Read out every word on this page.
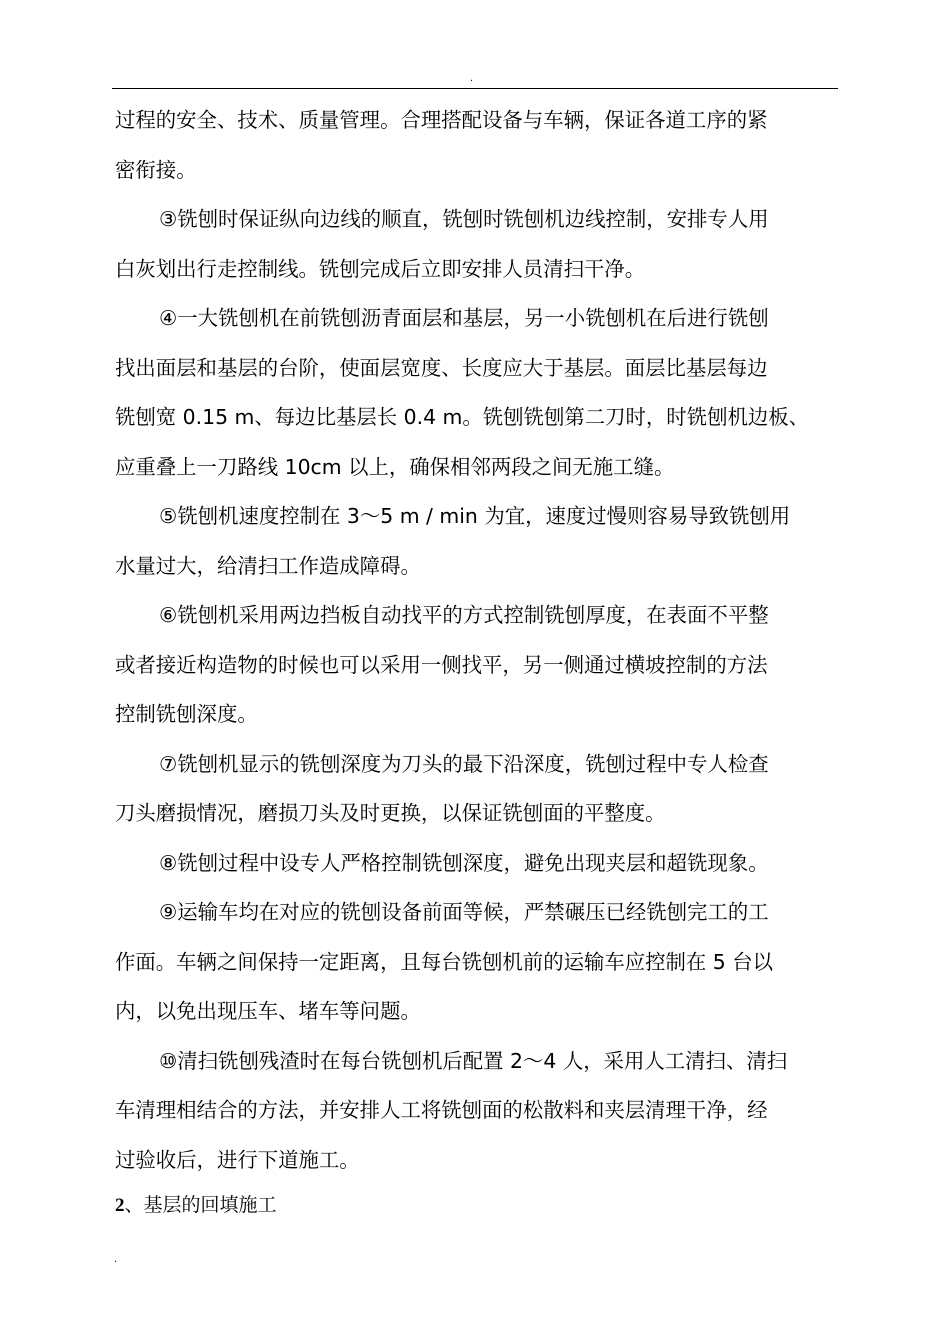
.

过程的安全、技术、质量管理。合理搭配设备与车辆，保证各道工序的紧
密衔接。

③铣刨时保证纵向边线的顺直，铣刨时铣刨机边线控制，安排专人用
白灰划出行走控制线。铣刨完成后立即安排人员清扫干净。

④一大铣刨机在前铣刨沥青面层和基层，另一小铣刨机在后进行铣刨
找出面层和基层的台阶，使面层宽度、长度应大于基层。面层比基层每边
铣刨宽 0.15 m、每边比基层长 0.4 m。铣刨铣刨第二刀时，时铣刨机边板、
应重叠上一刀路线 10cm 以上，确保相邻两段之间无施工缝。

⑤铣刨机速度控制在 3～5 m / min 为宜，速度过慢则容易导致铣刨用
水量过大，给清扫工作造成障碍。

⑥铣刨机采用两边挡板自动找平的方式控制铣刨厚度，在表面不平整
或者接近构造物的时候也可以采用一侧找平，另一侧通过横坡控制的方法
控制铣刨深度。

⑦铣刨机显示的铣刨深度为刀头的最下沿深度，铣刨过程中专人检查
刀头磨损情况，磨损刀头及时更换，以保证铣刨面的平整度。

⑧铣刨过程中设专人严格控制铣刨深度，避免出现夹层和超铣现象。

⑨运输车均在对应的铣刨设备前面等候，严禁碾压已经铣刨完工的工
作面。车辆之间保持一定距离，且每台铣刨机前的运输车应控制在 5 台以
内，以免出现压车、堵车等问题。

⑩清扫铣刨残渣时在每台铣刨机后配置 2～4 人，采用人工清扫、清扫
车清理相结合的方法，并安排人工将铣刨面的松散料和夹层清理干净，经
过验收后，进行下道施工。

2、基层的回填施工
.
